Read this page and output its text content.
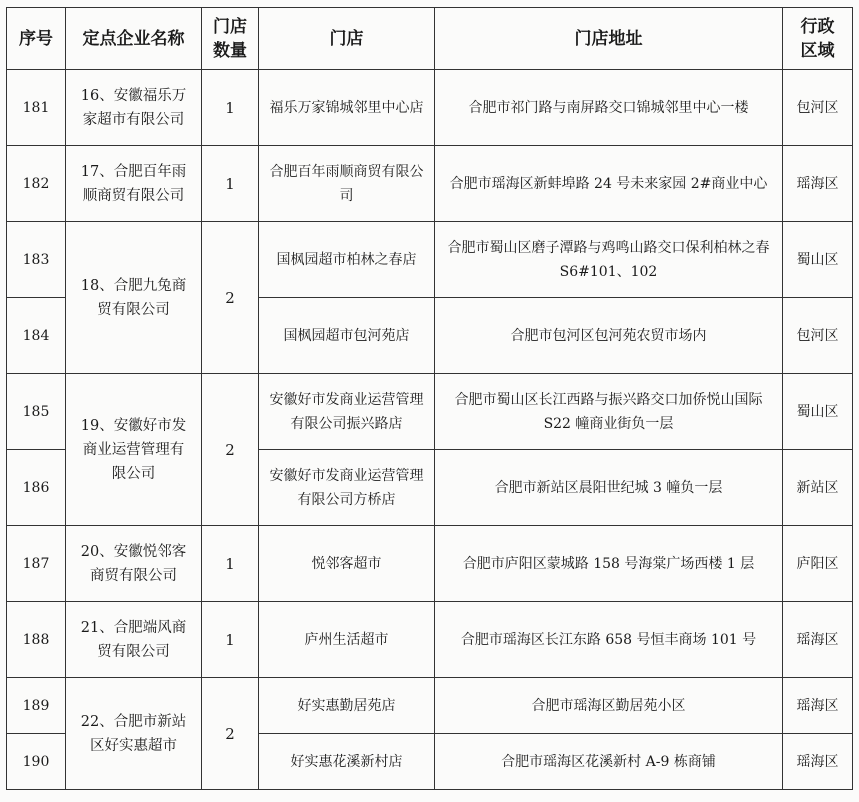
序号	定点企业名称	门店数量	门店	门店地址	行政区域
181	16、安徽福乐万家超市有限公司	1	福乐万家锦城邻里中心店	合肥市祁门路与南屏路交口锦城邻里中心一楼	包河区
182	17、合肥百年雨顺商贸有限公司	1	合肥百年雨顺商贸有限公司	合肥市瑶海区新蚌埠路 24 号未来家园 2#商业中心	瑶海区
183	18、合肥九兔商贸有限公司	2	国枫园超市柏林之春店	合肥市蜀山区磨子潭路与鸡鸣山路交口保利柏林之春 S6#101、102	蜀山区
184			国枫园超市包河苑店	合肥市包河区包河苑农贸市场内	包河区
185	19、安徽好市发商业运营管理有限公司	2	安徽好市发商业运营管理有限公司振兴路店	合肥市蜀山区长江西路与振兴路交口加侨悦山国际 S22 幢商业街负一层	蜀山区
186			安徽好市发商业运营管理有限公司方桥店	合肥市新站区晨阳世纪城 3 幢负一层	新站区
187	20、安徽悦邻客商贸有限公司	1	悦邻客超市	合肥市庐阳区蒙城路 158 号海棠广场西楼 1 层	庐阳区
188	21、合肥端风商贸有限公司	1	庐州生活超市	合肥市瑶海区长江东路 658 号恒丰商场 101 号	瑶海区
189	22、合肥市新站区好实惠超市	2	好实惠勤居苑店	合肥市瑶海区勤居苑小区	瑶海区
190			好实惠花溪新村店	合肥市瑶海区花溪新村 A-9 栋商铺	瑶海区
